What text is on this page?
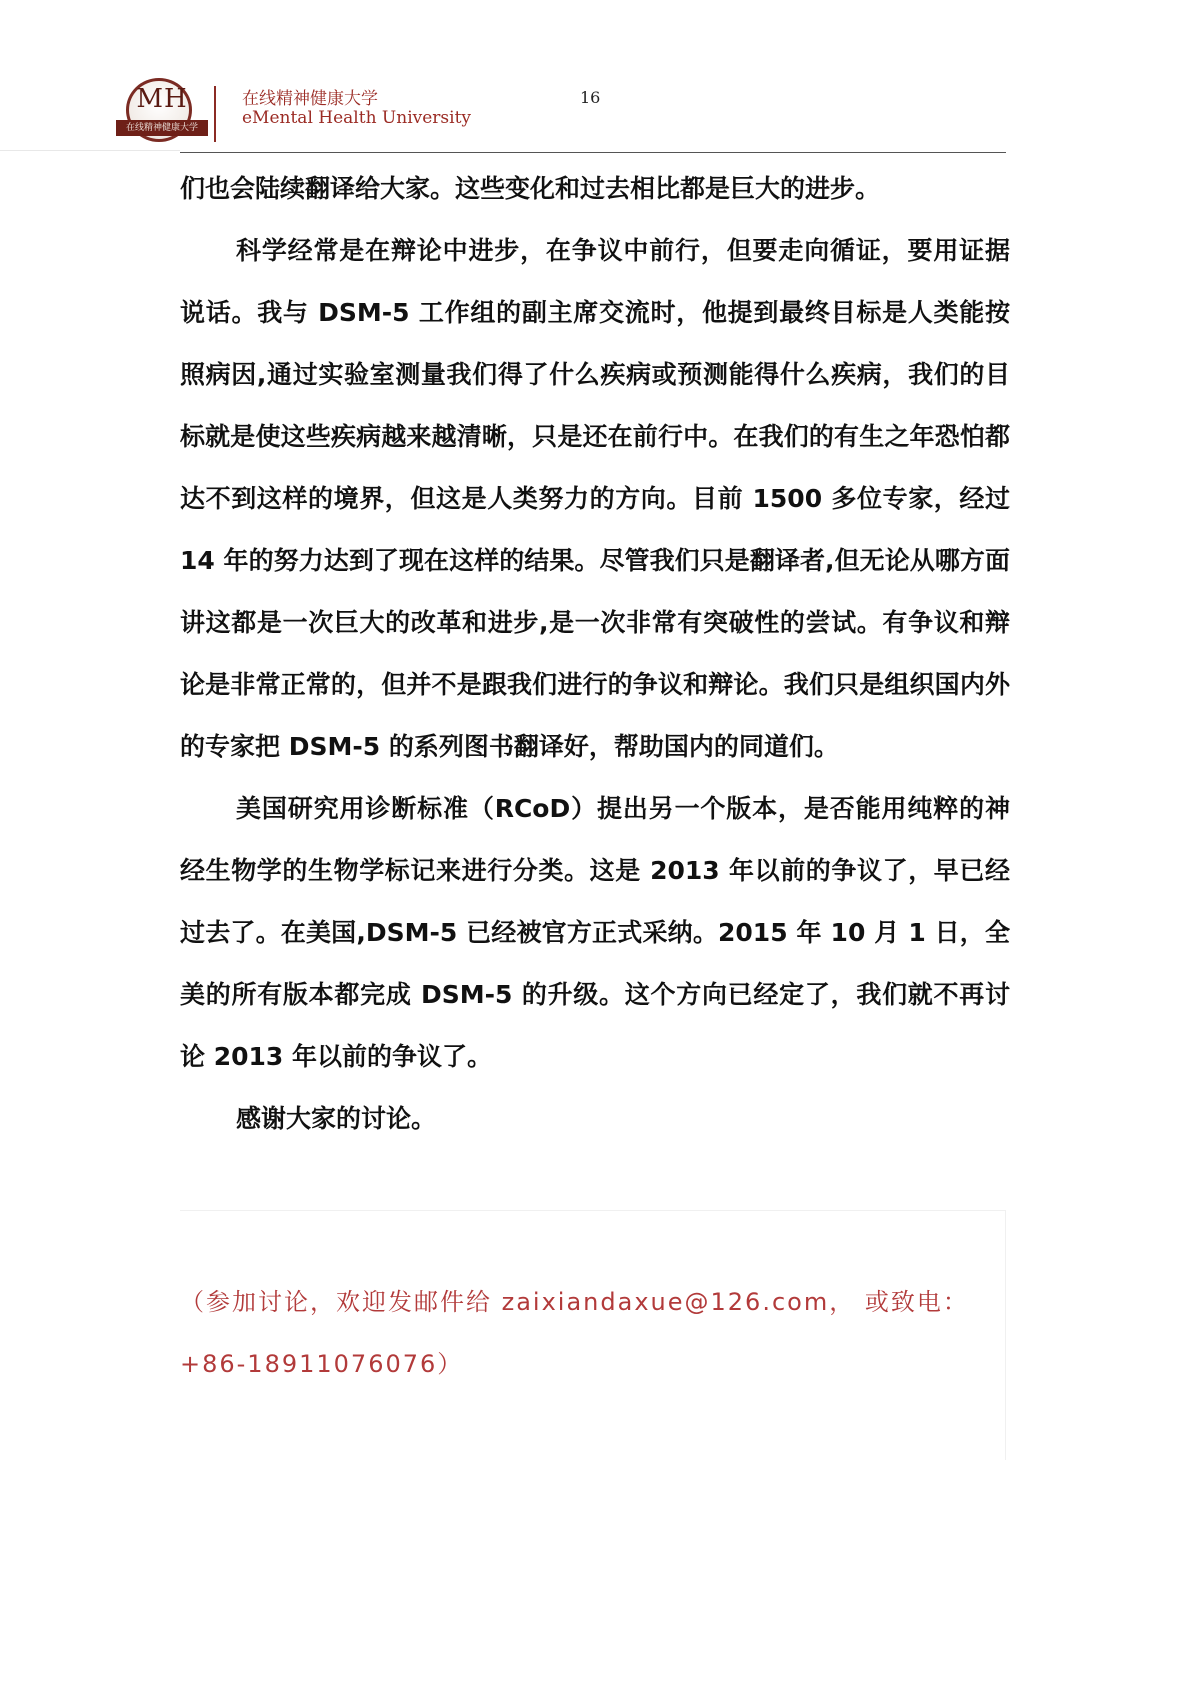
MH
在线精神健康大学
在线精神健康大学
eMental Health University
16

们也会陆续翻译给大家。这些变化和过去相比都是巨大的进步。

科学经常是在辩论中进步，在争议中前行，但要走向循证，要用证据说话。我与 DSM-5 工作组的副主席交流时，他提到最终目标是人类能按照病因,通过实验室测量我们得了什么疾病或预测能得什么疾病，我们的目标就是使这些疾病越来越清晰，只是还在前行中。在我们的有生之年恐怕都达不到这样的境界，但这是人类努力的方向。目前 1500 多位专家，经过 14 年的努力达到了现在这样的结果。尽管我们只是翻译者,但无论从哪方面讲这都是一次巨大的改革和进步,是一次非常有突破性的尝试。有争议和辩论是非常正常的，但并不是跟我们进行的争议和辩论。我们只是组织国内外的专家把 DSM-5 的系列图书翻译好，帮助国内的同道们。

美国研究用诊断标准（RCoD）提出另一个版本，是否能用纯粹的神经生物学的生物学标记来进行分类。这是 2013 年以前的争议了，早已经过去了。在美国,DSM-5 已经被官方正式采纳。2015 年 10 月 1 日，全美的所有版本都完成 DSM-5 的升级。这个方向已经定了，我们就不再讨论 2013 年以前的争议了。

感谢大家的讨论。

（参加讨论，欢迎发邮件给 zaixiandaxue@126.com， 或致电：+86-18911076076）
